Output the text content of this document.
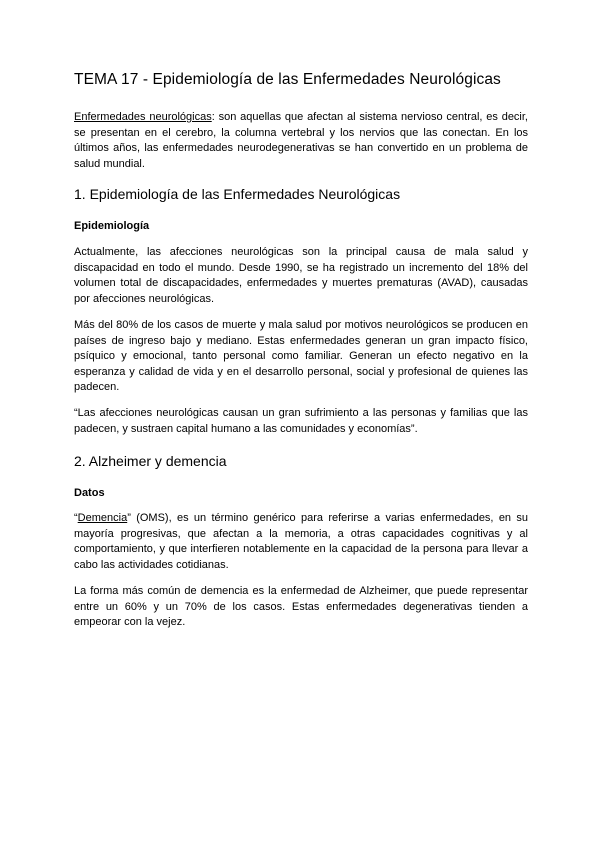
TEMA 17 - Epidemiología de las Enfermedades Neurológicas

Enfermedades neurológicas: son aquellas que afectan al sistema nervioso central, es decir, se presentan en el cerebro, la columna vertebral y los nervios que las conectan. En los últimos años, las enfermedades neurodegenerativas se han convertido en un problema de salud mundial.

1. Epidemiología de las Enfermedades Neurológicas
Epidemiología

Actualmente, las afecciones neurológicas son la principal causa de mala salud y discapacidad en todo el mundo. Desde 1990, se ha registrado un incremento del 18% del volumen total de discapacidades, enfermedades y muertes prematuras (AVAD), causadas por afecciones neurológicas.

Más del 80% de los casos de muerte y mala salud por motivos neurológicos se producen en países de ingreso bajo y mediano. Estas enfermedades generan un gran impacto físico, psíquico y emocional, tanto personal como familiar. Generan un efecto negativo en la esperanza y calidad de vida y en el desarrollo personal, social y profesional de quienes las padecen.

“Las afecciones neurológicas causan un gran sufrimiento a las personas y familias que las padecen, y sustraen capital humano a las comunidades y economías”.

2. Alzheimer y demencia
Datos

“Demencia” (OMS), es un término genérico para referirse a varias enfermedades, en su mayoría progresivas, que afectan a la memoria, a otras capacidades cognitivas y al comportamiento, y que interfieren notablemente en la capacidad de la persona para llevar a cabo las actividades cotidianas.

La forma más común de demencia es la enfermedad de Alzheimer, que puede representar entre un 60% y un 70% de los casos. Estas enfermedades degenerativas tienden a empeorar con la vejez.
